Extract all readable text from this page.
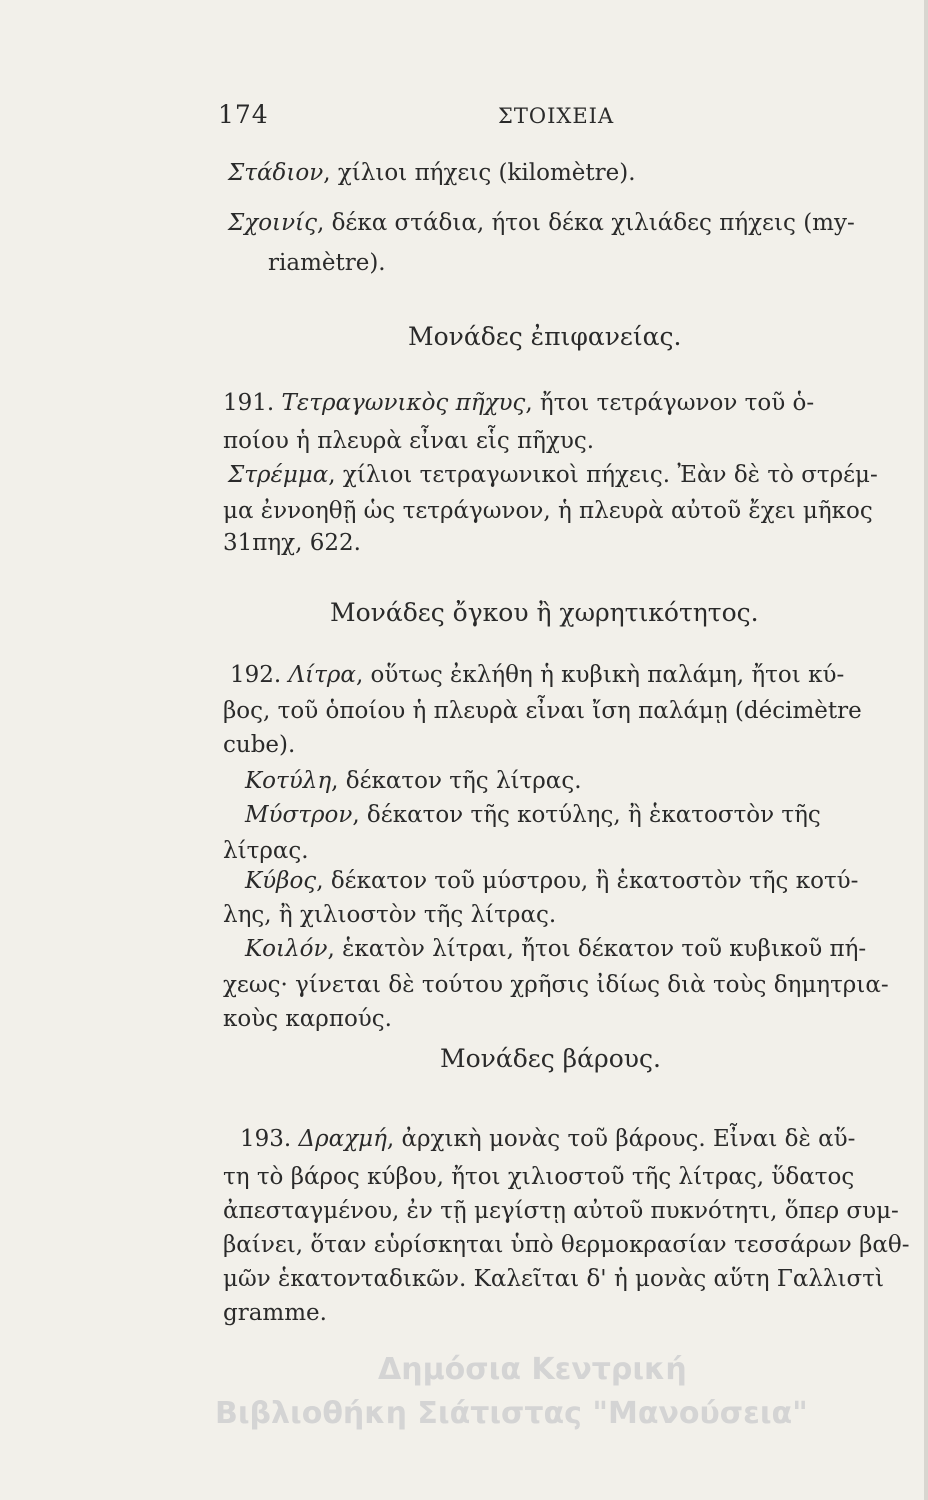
174	ΣΤΟΙΧΕΙΑ
Στάδιον, χίλιοι πήχεις (kilomètre).
Σχοινίς, δέκα στάδια, ήτοι δέκα χιλιάδες πήχεις (my-
riamètre).
Μονάδες ἐπιφανείας.
191. Τετραγωνικὸς πῆχυς, ἤτοι τετράγωνον τοῦ ὁ-
ποίου ἡ πλευρὰ εἶναι εἷς πῆχυς.
Στρέμμα, χίλιοι τετραγωνικοὶ πήχεις. Ἐὰν δὲ τὸ στρέμ-
μα ἐννοηθῇ ὡς τετράγωνον, ἡ πλευρὰ αὐτοῦ ἔχει μῆκος
31πηχ, 622.
Μονάδες ὄγκου ἢ χωρητικότητος.
192. Λίτρα, οὕτως ἐκλήθη ἡ κυβικὴ παλάμη, ἤτοι κύ-
βος, τοῦ ὁποίου ἡ πλευρὰ εἶναι ἴση παλάμῃ (décimètre
cube).
Κοτύλη, δέκατον τῆς λίτρας.
Μύστρον, δέκατον τῆς κοτύλης, ἢ ἑκατοστὸν τῆς
λίτρας.
Κύβος, δέκατον τοῦ μύστρου, ἢ ἑκατοστὸν τῆς κοτύ-
λης, ἢ χιλιοστὸν τῆς λίτρας.
Κοιλόν, ἑκατὸν λίτραι, ἤτοι δέκατον τοῦ κυβικοῦ πή-
χεως· γίνεται δὲ τούτου χρῆσις ἰδίως διὰ τοὺς δημητρια-
κοὺς καρπούς.
Μονάδες βάρους.
193. Δραχμή, ἀρχικὴ μονὰς τοῦ βάρους. Εἶναι δὲ αὕ-
τη τὸ βάρος κύβου, ἤτοι χιλιοστοῦ τῆς λίτρας, ὕδατος
ἀπεσταγμένου, ἐν τῇ μεγίστῃ αὐτοῦ πυκνότητι, ὅπερ συμ-
βαίνει, ὅταν εὑρίσκηται ὑπὸ θερμοκρασίαν τεσσάρων βαθ-
μῶν ἑκατονταδικῶν. Καλεῖται δ' ἡ μονὰς αὕτη Γαλλιστὶ
gramme.
Δημόσια Κεντρική
Βιβλιοθήκη Σιάτιστας "Μανούσεια"
